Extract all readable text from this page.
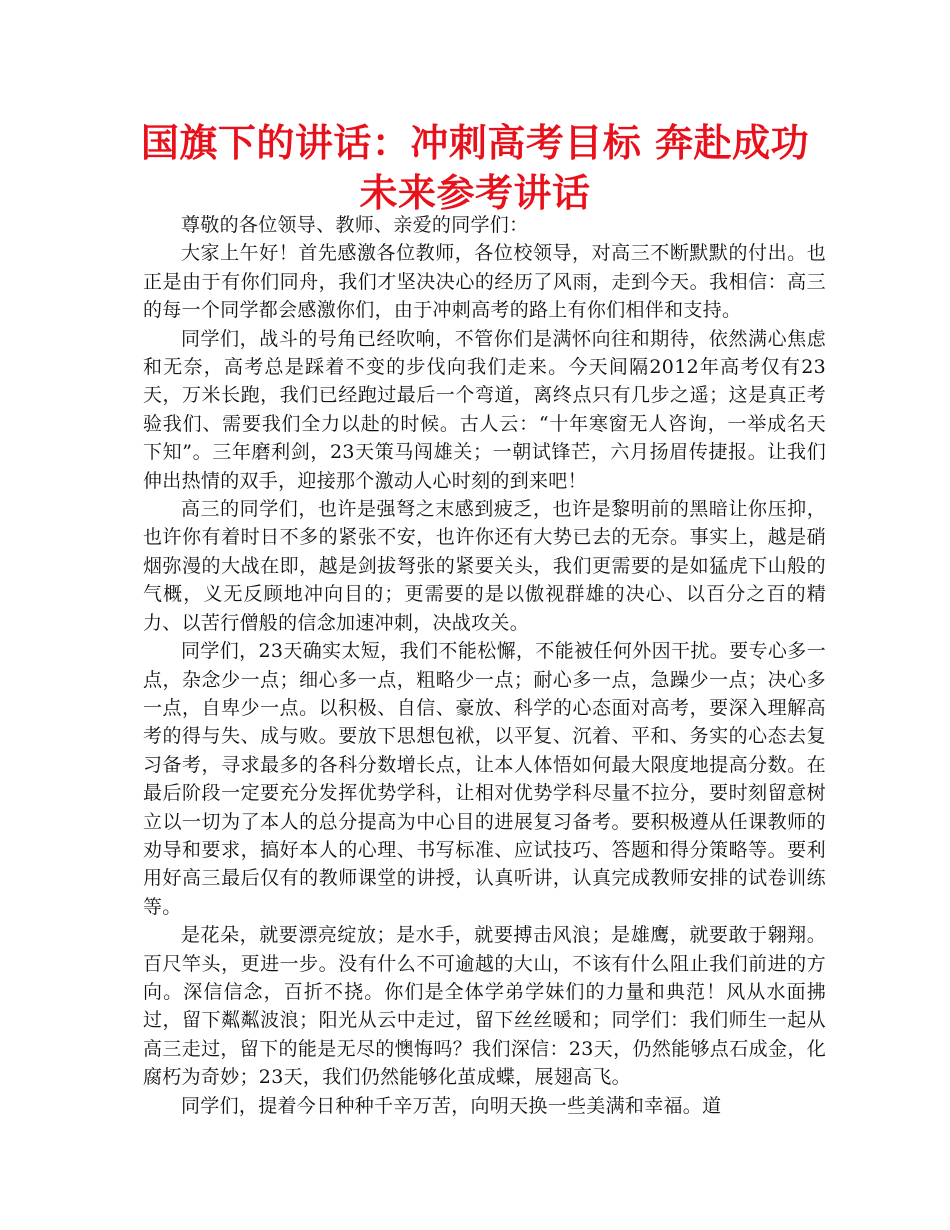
国旗下的讲话：冲刺高考目标 奔赴成功未来参考讲话

尊敬的各位领导、教师、亲爱的同学们：

大家上午好！首先感激各位教师，各位校领导，对高三不断默默的付出。也正是由于有你们同舟，我们才坚决决心的经历了风雨，走到今天。我相信：高三的每一个同学都会感激你们，由于冲刺高考的路上有你们相伴和支持。

同学们，战斗的号角已经吹响，不管你们是满怀向往和期待，依然满心焦虑和无奈，高考总是踩着不变的步伐向我们走来。今天间隔2012年高考仅有23天，万米长跑，我们已经跑过最后一个弯道，离终点只有几步之遥；这是真正考验我们、需要我们全力以赴的时候。古人云：“十年寒窗无人咨询，一举成名天下知”。三年磨利剑，23天策马闯雄关；一朝试锋芒，六月扬眉传捷报。让我们伸出热情的双手，迎接那个激动人心时刻的到来吧！

高三的同学们，也许是强弩之末感到疲乏，也许是黎明前的黑暗让你压抑，也许你有着时日不多的紧张不安，也许你还有大势已去的无奈。事实上，越是硝烟弥漫的大战在即，越是剑拔弩张的紧要关头，我们更需要的是如猛虎下山般的气概，义无反顾地冲向目的；更需要的是以傲视群雄的决心、以百分之百的精力、以苦行僧般的信念加速冲刺，决战攻关。

同学们，23天确实太短，我们不能松懈，不能被任何外因干扰。要专心多一点，杂念少一点；细心多一点，粗略少一点；耐心多一点，急躁少一点；决心多一点，自卑少一点。以积极、自信、豪放、科学的心态面对高考，要深入理解高考的得与失、成与败。要放下思想包袱，以平复、沉着、平和、务实的心态去复习备考，寻求最多的各科分数增长点，让本人体悟如何最大限度地提高分数。在最后阶段一定要充分发挥优势学科，让相对优势学科尽量不拉分，要时刻留意树立以一切为了本人的总分提高为中心目的进展复习备考。要积极遵从任课教师的劝导和要求，搞好本人的心理、书写标准、应试技巧、答题和得分策略等。要利用好高三最后仅有的教师课堂的讲授，认真听讲，认真完成教师安排的试卷训练等。

是花朵，就要漂亮绽放；是水手，就要搏击风浪；是雄鹰，就要敢于翱翔。百尺竿头，更进一步。没有什么不可逾越的大山，不该有什么阻止我们前进的方向。深信信念，百折不挠。你们是全体学弟学妹们的力量和典范！风从水面拂过，留下粼粼波浪；阳光从云中走过，留下丝丝暖和；同学们：我们师生一起从高三走过，留下的能是无尽的懊悔吗？我们深信：23天，仍然能够点石成金，化腐朽为奇妙；23天，我们仍然能够化茧成蝶，展翅高飞。

同学们，提着今日种种千辛万苦，向明天换一些美满和幸福。道
